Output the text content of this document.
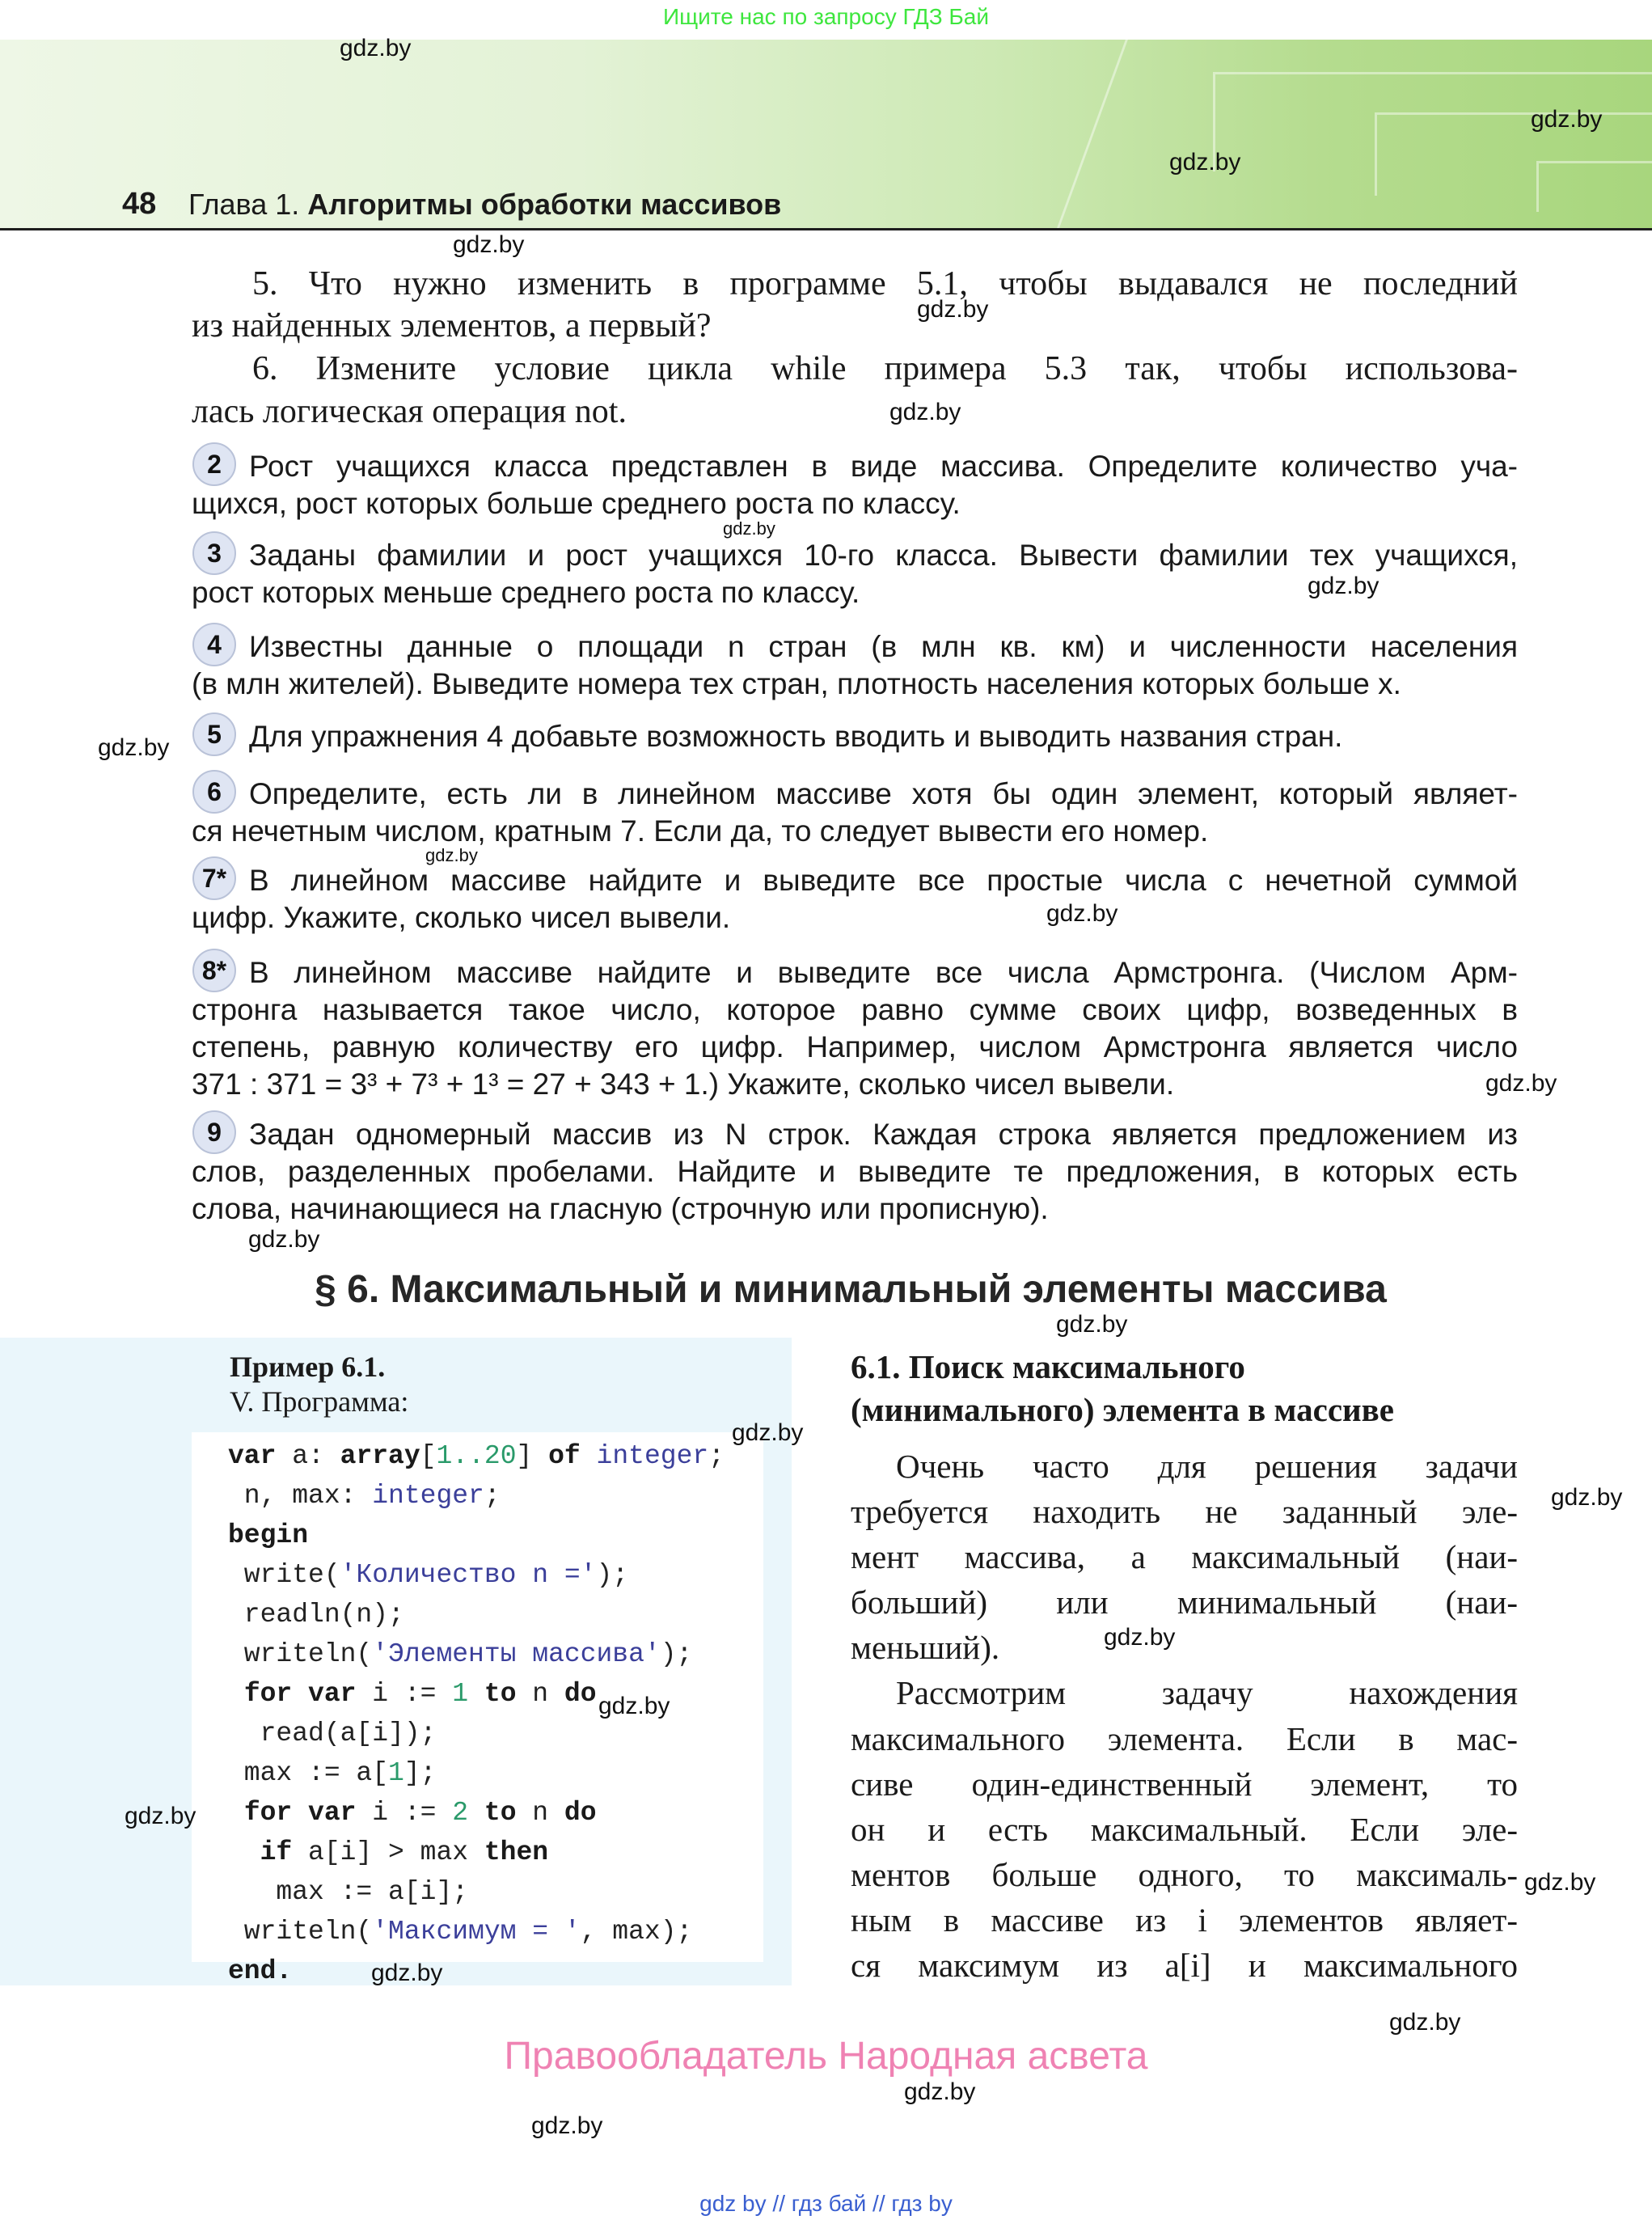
Ищите нас по запросу ГДЗ Бай
48 Глава 1. Алгоритмы обработки массивов
5. Что нужно изменить в программе 5.1, чтобы выдавался не последний
из найденных элементов, а первый?
6. Измените условие цикла while примера 5.3 так, чтобы использова-
лась логическая операция not.
2 Рост учащихся класса представлен в виде массива. Определите количество уча-
щихся, рост которых больше среднего роста по классу.
3 Заданы фамилии и рост учащихся 10-го класса. Вывести фамилии тех учащихся,
рост которых меньше среднего роста по классу.
4 Известны данные о площади n стран (в млн кв. км) и численности населения
(в млн жителей). Выведите номера тех стран, плотность населения которых больше x.
5 Для упражнения 4 добавьте возможность вводить и выводить названия стран.
6 Определите, есть ли в линейном массиве хотя бы один элемент, который являет-
ся нечетным числом, кратным 7. Если да, то следует вывести его номер.
7* В линейном массиве найдите и выведите все простые числа с нечетной суммой
цифр. Укажите, сколько чисел вывели.
8* В линейном массиве найдите и выведите все числа Армстронга. (Числом Арм-
стронга называется такое число, которое равно сумме своих цифр, возведенных в
степень, равную количеству его цифр. Например, числом Армстронга является число
371 : 371 = 3³ + 7³ + 1³ = 27 + 343 + 1.) Укажите, сколько чисел вывели.
9 Задан одномерный массив из N строк. Каждая строка является предложением из
слов, разделенных пробелами. Найдите и выведите те предложения, в которых есть
слова, начинающиеся на гласную (строчную или прописную).
§ 6. Максимальный и минимальный элементы массива
Пример 6.1.
V. Программа:
var a: array[1..20] of integer;
n, max: integer;
begin
write('Количество n =');
readln(n);
writeln('Элементы массива');
for var i := 1 to n do
read(a[i]);
max := a[1];
for var i := 2 to n do
if a[i] > max then
max := a[i];
writeln('Максимум = ', max);
end.
6.1. Поиск максимального
(минимального) элемента в массиве
Очень часто для решения задачи
требуется находить не заданный эле-
мент массива, а максимальный (наи-
больший) или минимальный (наи-
меньший).
Рассмотрим задачу нахождения
максимального элемента. Если в мас-
сиве один-единственный элемент, то
он и есть максимальный. Если эле-
ментов больше одного, то максималь-
ным в массиве из i элементов являет-
ся максимум из a[i] и максимального
Правообладатель Народная асвета
gdz by // гдз бай // гдз by
gdz.by
gdz.by
gdz.by
gdz.by
gdz.by
gdz.by
gdz.by
gdz.by
gdz.by
gdz.by
gdz.by
gdz.by
gdz.by
gdz.by
gdz.by
gdz.by
gdz.by
gdz.by
gdz.by
gdz.by
gdz.by
gdz.by
gdz.by
gdz.by
